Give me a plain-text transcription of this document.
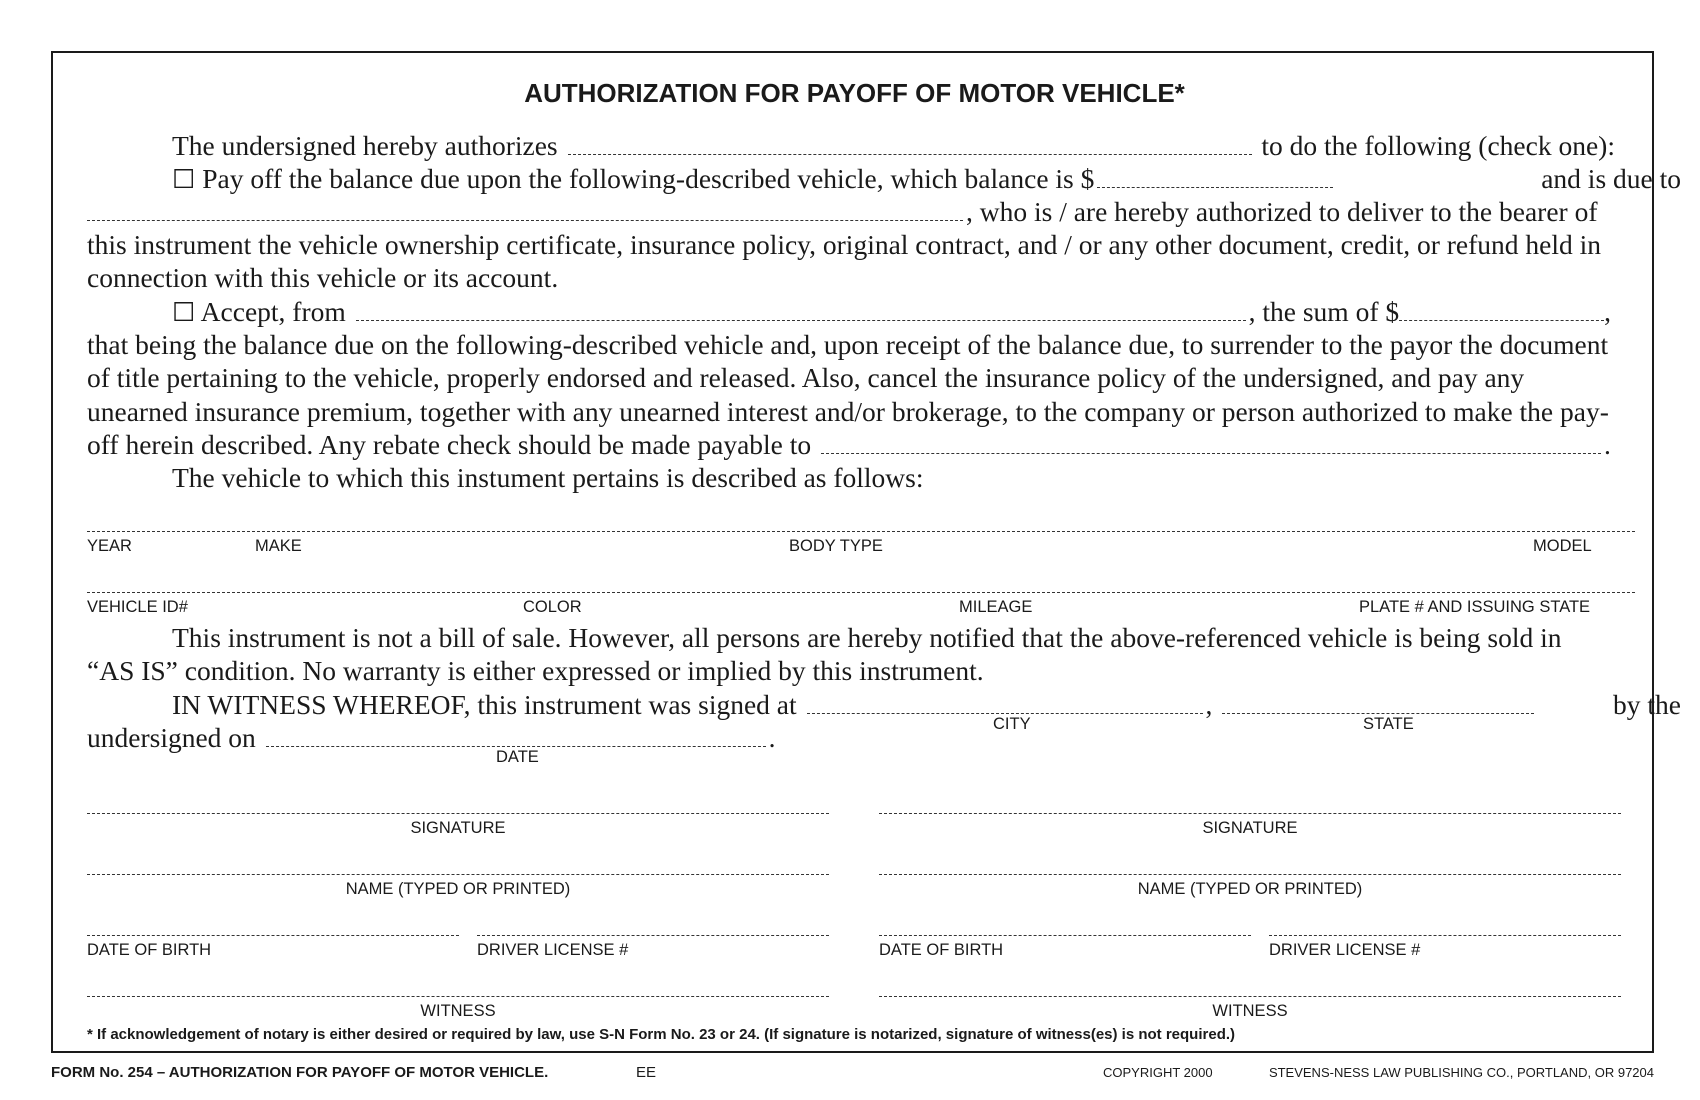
AUTHORIZATION FOR PAYOFF OF MOTOR VEHICLE*
The undersigned hereby authorizes	to do the following (check one):
☐ Pay off the balance due upon the following-described vehicle, which balance is $	and is due to
, who is / are hereby authorized to deliver to the bearer of
this instrument the vehicle ownership certificate, insurance policy, original contract, and / or any other document, credit, or refund held in
connection with this vehicle or its account.
☐ Accept, from	, the sum of $	,
that being the balance due on the following-described vehicle and, upon receipt of the balance due, to surrender to the payor the document
of title pertaining to the vehicle, properly endorsed and released. Also, cancel the insurance policy of the undersigned, and pay any
unearned insurance premium, together with any unearned interest and/or brokerage, to the company or person authorized to make the pay-
off herein described. Any rebate check should be made payable to	.
The vehicle to which this instument pertains is described as follows:
YEAR	MAKE	BODY TYPE	MODEL
VEHICLE ID#	COLOR	MILEAGE	PLATE # AND ISSUING STATE
This instrument is not a bill of sale. However, all persons are hereby notified that the above-referenced vehicle is being sold in
“AS IS” condition. No warranty is either expressed or implied by this instrument.
IN WITNESS WHEREOF, this instrument was signed at	,	by the
CITY	STATE
undersigned on	.
DATE
SIGNATURE
NAME (TYPED OR PRINTED)
DATE OF BIRTH	DRIVER LICENSE #
WITNESS
SIGNATURE
NAME (TYPED OR PRINTED)
DATE OF BIRTH	DRIVER LICENSE #
WITNESS
* If acknowledgement of notary is either desired or required by law, use S-N Form No. 23 or 24. (If signature is notarized, signature of witness(es) is not required.)
FORM No. 254 – AUTHORIZATION FOR PAYOFF OF MOTOR VEHICLE.	EE	COPYRIGHT 2000	STEVENS-NESS LAW PUBLISHING CO., PORTLAND, OR 97204
